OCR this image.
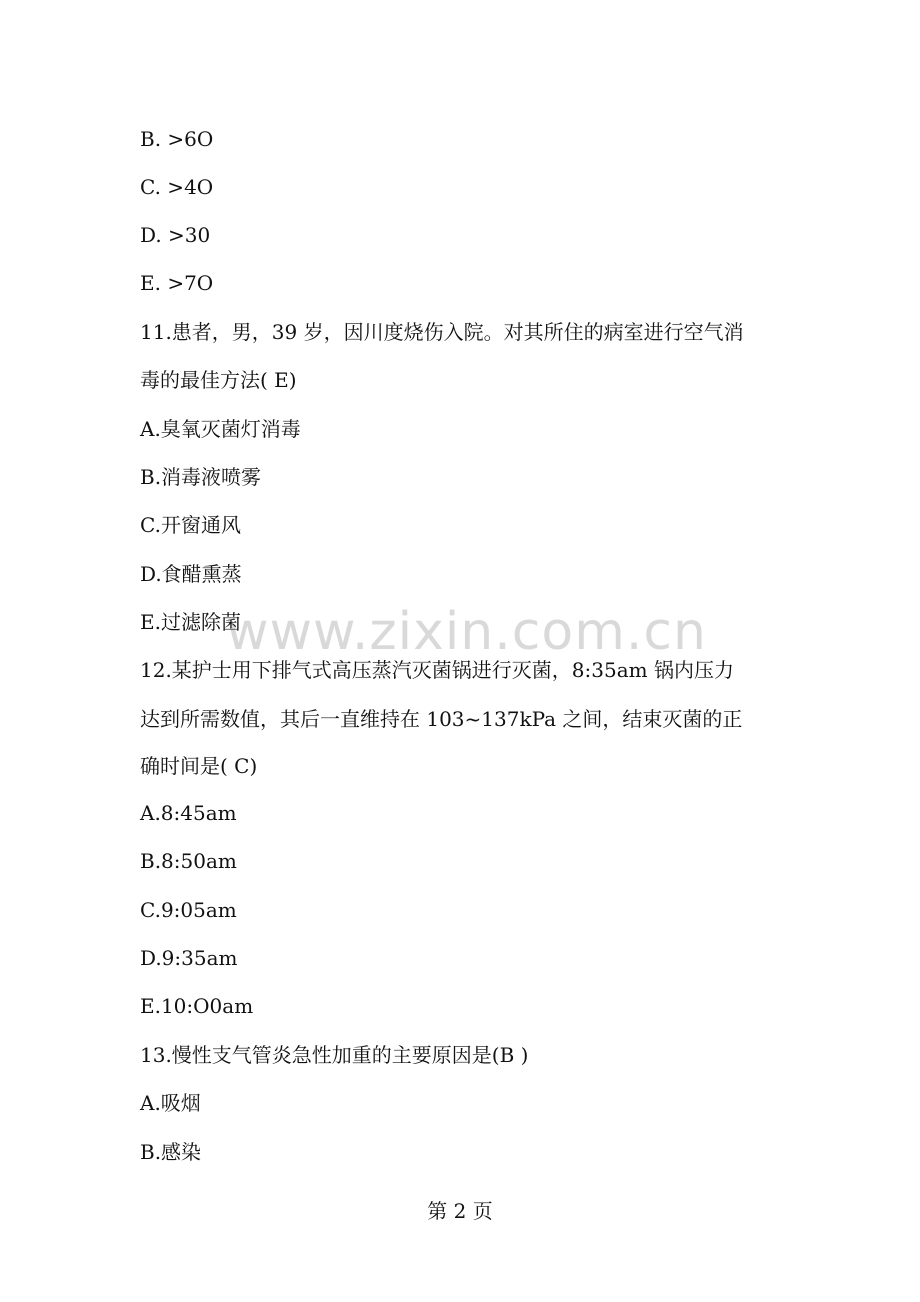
www.zixin.com.cn
B. >6O
C. >4O
D. >30
E. >7O
11.患者，男，39 岁，因川度烧伤入院。对其所住的病室进行空气消
毒的最佳方法( E)
A.臭氧灭菌灯消毒
B.消毒液喷雾
C.开窗通风
D.食醋熏蒸
E.过滤除菌
12.某护士用下排气式高压蒸汽灭菌锅进行灭菌，8:35am 锅内压力
达到所需数值，其后一直维持在 103~137kPa 之间，结束灭菌的正
确时间是( C)
A.8:45am
B.8:50am
C.9:05am
D.9:35am
E.10:O0am
13.慢性支气管炎急性加重的主要原因是(B )
A.吸烟
B.感染
第 2 页
